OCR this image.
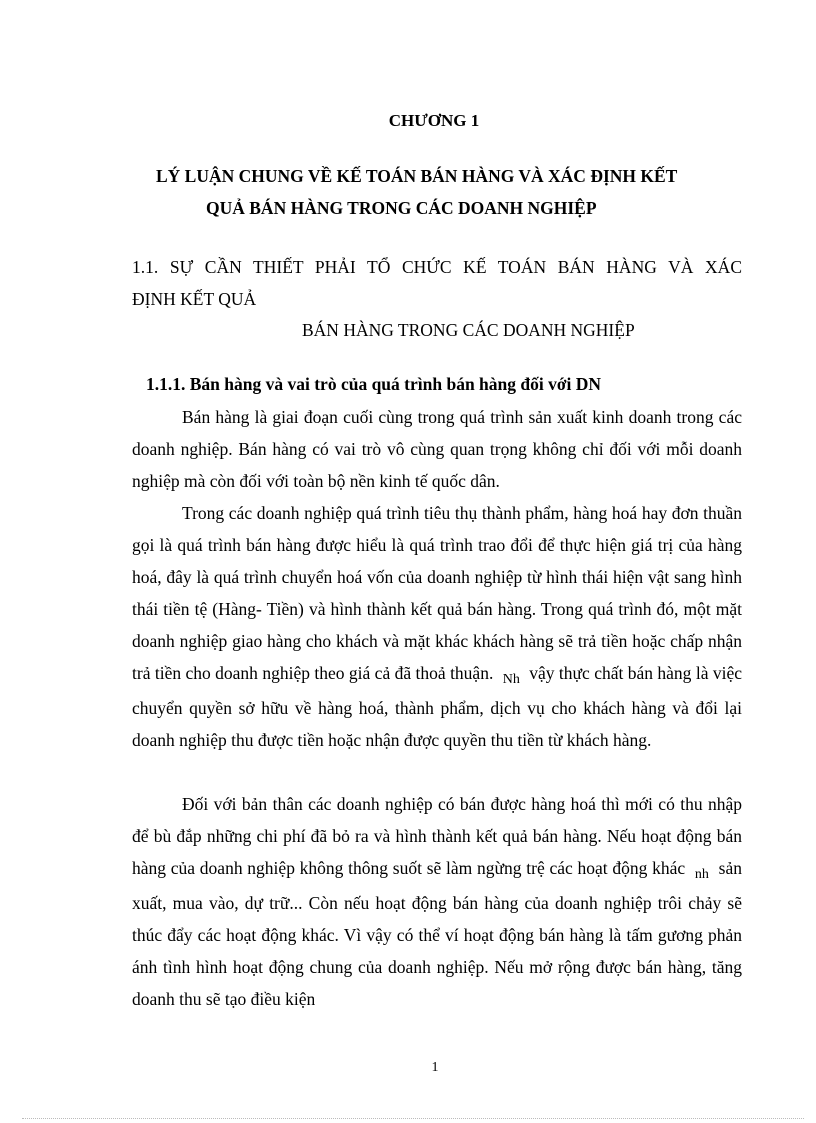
CHƯƠNG 1
LÝ LUẬN CHUNG VỀ KẾ TOÁN BÁN HÀNG VÀ XÁC ĐỊNH KẾT
QUẢ BÁN HÀNG TRONG CÁC DOANH NGHIỆP
1.1. SỰ CẦN THIẾT PHẢI TỔ CHỨC KẾ TOÁN BÁN HÀNG VÀ XÁC
ĐỊNH KẾT QUẢ
BÁN HÀNG TRONG CÁC DOANH NGHIỆP
1.1.1. Bán hàng và vai trò của quá trình bán hàng đối với DN
Bán hàng là giai đoạn cuối cùng trong quá trình sản xuất kinh doanh trong các doanh nghiệp. Bán hàng có vai trò vô cùng quan trọng không chỉ đối với mỗi doanh nghiệp mà còn đối với toàn bộ nền kinh tế quốc dân.
Trong các doanh nghiệp quá trình tiêu thụ thành phẩm, hàng hoá hay đơn thuần gọi là quá trình bán hàng được hiểu là quá trình trao đổi để thực hiện giá trị của hàng hoá, đây là quá trình chuyển hoá vốn của doanh nghiệp từ hình thái hiện vật sang hình thái tiền tệ (Hàng- Tiền) và hình thành kết quả bán hàng. Trong quá trình đó, một mặt doanh nghiệp giao hàng cho khách và mặt khác khách hàng sẽ trả tiền hoặc chấp nhận trả tiền cho doanh nghiệp theo giá cả đã thoả thuận. $_{Nh}$ vậy thực chất bán hàng là việc chuyển quyền sở hữu về hàng hoá, thành phẩm, dịch vụ cho khách hàng và đổi lại doanh nghiệp thu được tiền hoặc nhận được quyền thu tiền từ khách hàng.
Đối với bản thân các doanh nghiệp có bán được hàng hoá thì mới có thu nhập để bù đắp những chi phí đã bỏ ra và hình thành kết quả bán hàng. Nếu hoạt động bán hàng của doanh nghiệp không thông suốt sẽ làm ngừng trệ các hoạt động khác $_{nh}$ sản xuất, mua vào, dự trữ... Còn nếu hoạt động bán hàng của doanh nghiệp trôi chảy sẽ thúc đẩy các hoạt động khác. Vì vậy có thể ví hoạt động bán hàng là tấm gương phản ánh tình hình hoạt động chung của doanh nghiệp. Nếu mở rộng được bán hàng, tăng doanh thu sẽ tạo điều kiện
1
